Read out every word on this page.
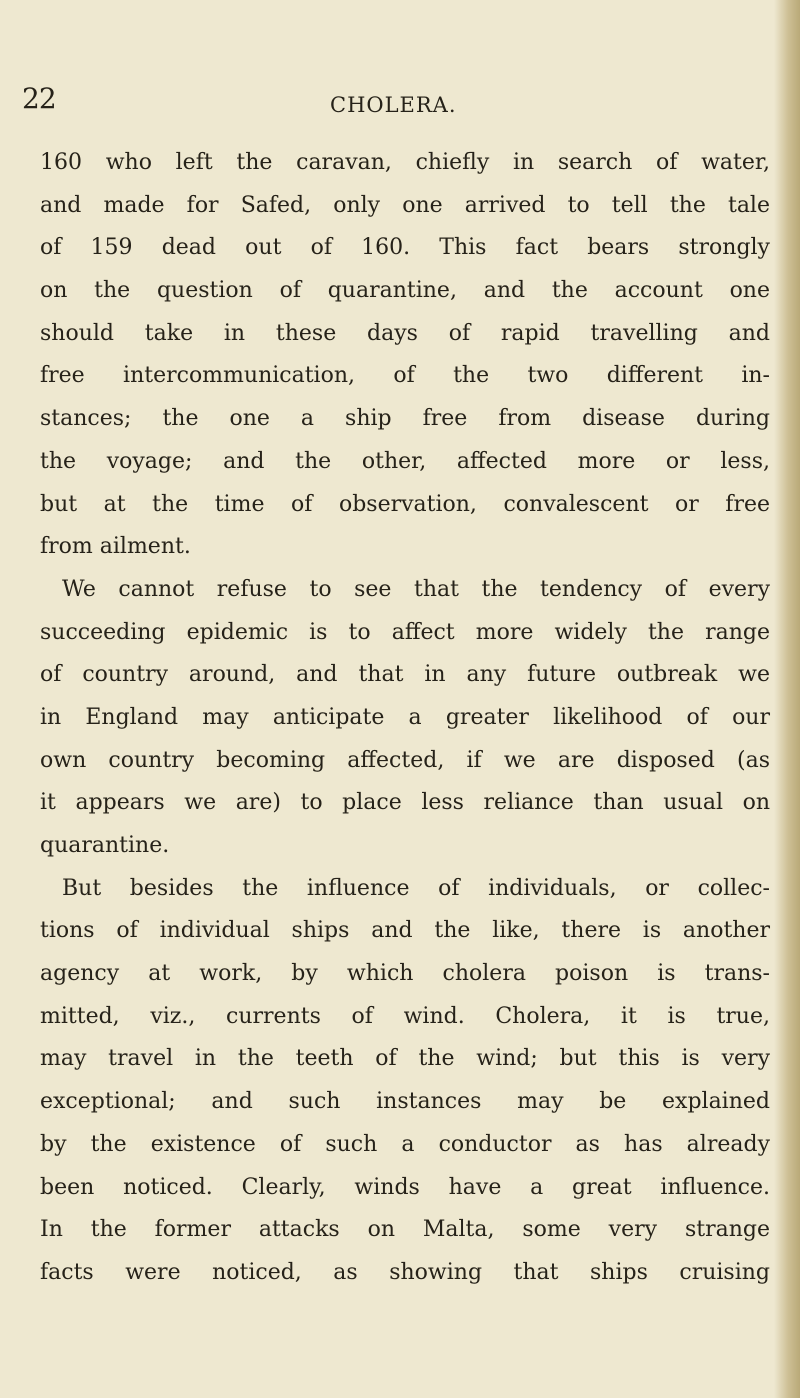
22	CHOLERA.

160 who left the caravan, chiefly in search of water,

and made for Safed, only one arrived to tell the tale

of 159 dead out of 160. This fact bears strongly

on the question of quarantine, and the account one

should take in these days of rapid travelling and

free intercommunication, of the two different in-

stances; the one a ship free from disease during

the voyage; and the other, affected more or less,

but at the time of observation, convalescent or free

from ailment.

We cannot refuse to see that the tendency of every

succeeding epidemic is to affect more widely the range

of country around, and that in any future outbreak we

in England may anticipate a greater likelihood of our

own country becoming affected, if we are disposed (as

it appears we are) to place less reliance than usual on

quarantine.

But besides the influence of individuals, or collec-

tions of individual ships and the like, there is another

agency at work, by which cholera poison is trans-

mitted, viz., currents of wind. Cholera, it is true,

may travel in the teeth of the wind; but this is very

exceptional; and such instances may be explained

by the existence of such a conductor as has already

been noticed. Clearly, winds have a great influence.

In the former attacks on Malta, some very strange

facts were noticed, as showing that ships cruising
